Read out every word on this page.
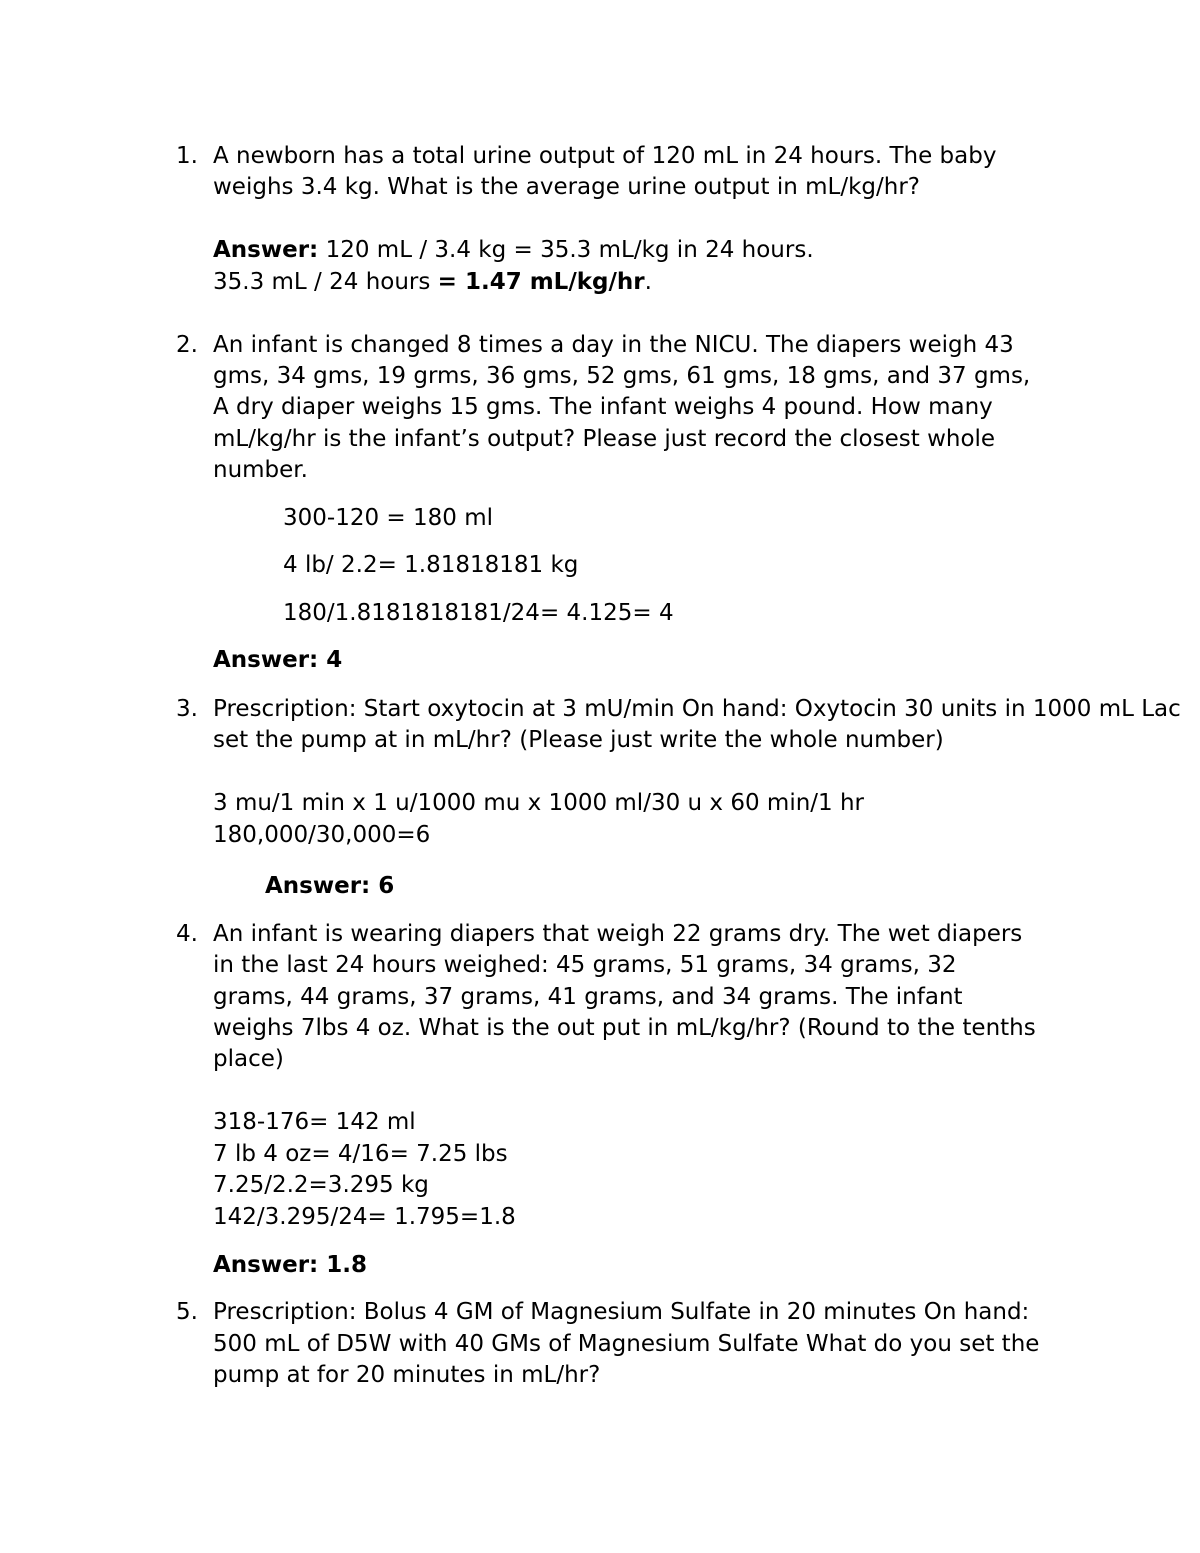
1. A newborn has a total urine output of 120 mL in 24 hours. The baby
weighs 3.4 kg. What is the average urine output in mL/kg/hr?
Answer: 120 mL / 3.4 kg = 35.3 mL/kg in 24 hours.
35.3 mL / 24 hours = 1.47 mL/kg/hr.
2. An infant is changed 8 times a day in the NICU. The diapers weigh 43
gms, 34 gms, 19 grms, 36 gms, 52 gms, 61 gms, 18 gms, and 37 gms,
A dry diaper weighs 15 gms. The infant weighs 4 pound. How many
mL/kg/hr is the infant’s output? Please just record the closest whole
number.
300-120 = 180 ml
4 lb/ 2.2= 1.81818181 kg
180/1.8181818181/24= 4.125= 4
Answer: 4
3. Prescription: Start oxytocin at 3 mU/min On hand: Oxytocin 30 units in 1000 mL Lac
set the pump at in mL/hr? (Please just write the whole number)
3 mu/1 min x 1 u/1000 mu x 1000 ml/30 u x 60 min/1 hr
180,000/30,000=6
Answer: 6
4. An infant is wearing diapers that weigh 22 grams dry. The wet diapers
in the last 24 hours weighed: 45 grams, 51 grams, 34 grams, 32
grams, 44 grams, 37 grams, 41 grams, and 34 grams. The infant
weighs 7lbs 4 oz. What is the out put in mL/kg/hr? (Round to the tenths
place)
318-176= 142 ml
7 lb 4 oz= 4/16= 7.25 lbs
7.25/2.2=3.295 kg
142/3.295/24= 1.795=1.8
Answer: 1.8
5. Prescription: Bolus 4 GM of Magnesium Sulfate in 20 minutes On hand:
500 mL of D5W with 40 GMs of Magnesium Sulfate What do you set the
pump at for 20 minutes in mL/hr?
